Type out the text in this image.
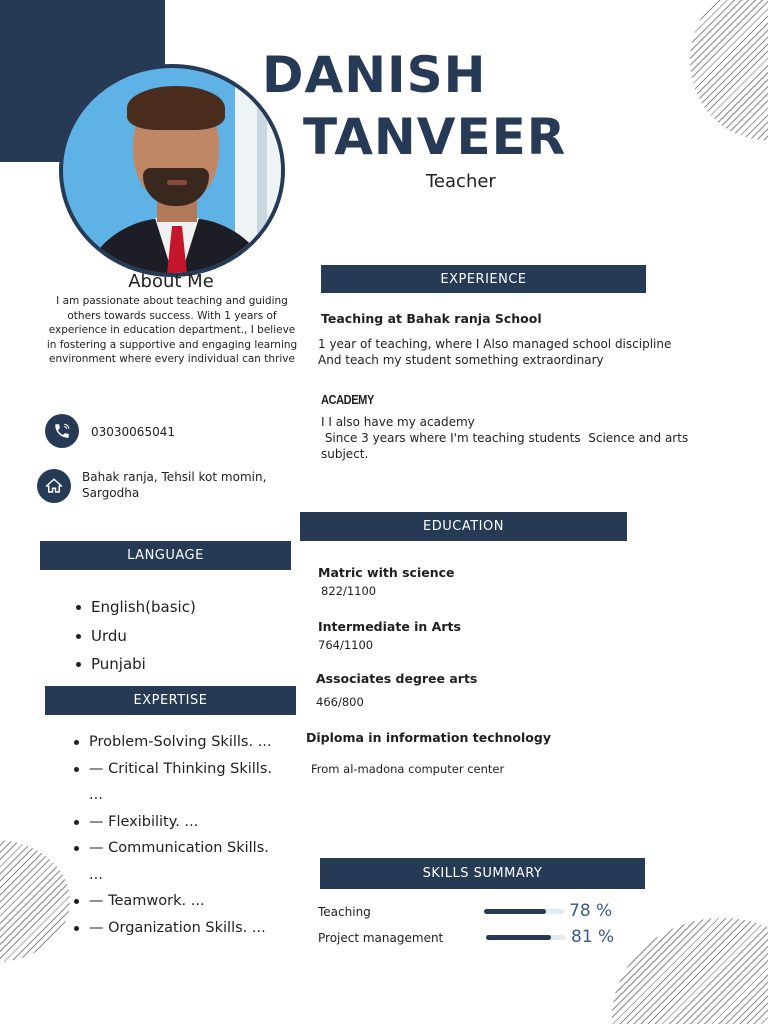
DANISH
TANVEER
Teacher
About Me
I am passionate about teaching and guiding others towards success. With 1 years of experience in education department., I believe in fostering a supportive and engaging learning environment where every individual can thrive
03030065041
Bahak ranja, Tehsil kot momin,
Sargodha
EXPERIENCE
EDUCATION
LANGUAGE
EXPERTISE
SKILLS SUMMARY
Teaching at Bahak ranja School
1 year of teaching, where I Also managed school discipline
And teach my student something extraordinary
ACADEMY
I I also have my academy
Since 3 years where I'm teaching students  Science and arts
subject.
Matric with science
822/1100
Intermediate in Arts
764/1100
Associates degree arts
466/800
Diploma in information technology
From al-madona computer center
English(basic)
Urdu
Punjabi
Problem-Solving Skills. ...
— Critical Thinking Skills.
...
— Flexibility. ...
— Communication Skills.
...
— Teamwork. ...
— Organization Skills. ...
Teaching	78 %
Project management	81 %
